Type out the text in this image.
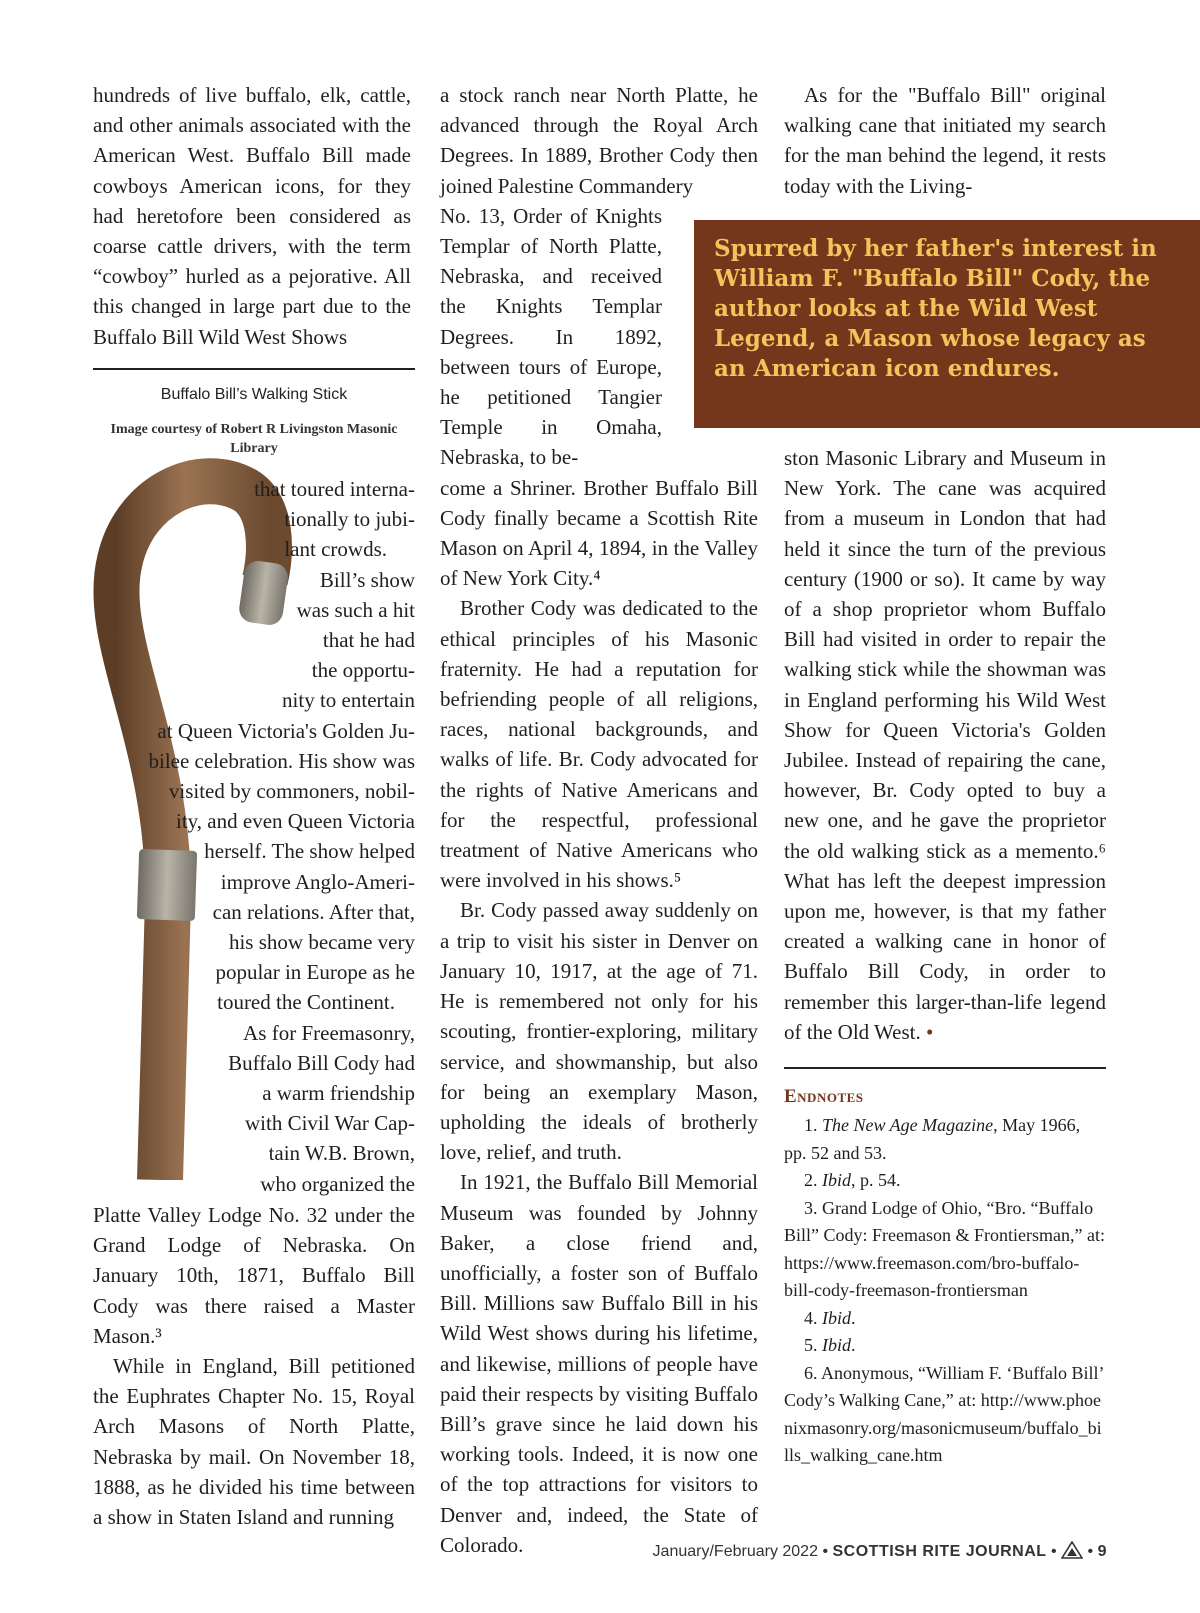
hundreds of live buffalo, elk, cattle, and other animals associated with the American West. Buffalo Bill made cowboys American icons, for they had heretofore been considered as coarse cattle drivers, with the term “cowboy” hurled as a pejorative. All this changed in large part due to the Buffalo Bill Wild West Shows

Buffalo Bill’s Walking Stick
Image courtesy of Robert R Livingston Masonic Library
that toured interna-
tionally to jubi-
lant crowds.
Bill’s show
was such a hit
that he had
the opportu-
nity to entertain
at Queen Victoria's Golden Ju-
bilee celebration. His show was
visited by commoners, nobil-
ity, and even Queen Victoria
herself. The show helped
improve Anglo-Ameri-
can relations. After that,
his show became very
popular in Europe as he
toured the Continent.
As for Freemasonry,
Buffalo Bill Cody had
a warm friendship
with Civil War Cap-
tain W.B. Brown,
who organized the

Platte Valley Lodge No. 32 under the Grand Lodge of Nebraska. On January 10th, 1871, Buffalo Bill Cody was there raised a Master Mason.³

While in England, Bill petitioned the Euphrates Chapter No. 15, Royal Arch Masons of North Platte, Nebraska by mail. On November 18, 1888, as he divided his time between a show in Staten Island and running

a stock ranch near North Platte, he advanced through the Royal Arch Degrees. In 1889, Brother Cody then joined Palestine Commandery

No. 13, Order of Knights Templar of North Platte, Nebraska, and received the Knights Templar Degrees. In 1892, between tours of Europe, he petitioned Tangier Temple in Omaha, Nebraska, to be-

come a Shriner. Brother Buffalo Bill Cody finally became a Scottish Rite Mason on April 4, 1894, in the Valley of New York City.⁴

Brother Cody was dedicated to the ethical principles of his Masonic fraternity. He had a reputation for befriending people of all religions, races, national backgrounds, and walks of life. Br. Cody advocated for the rights of Native Americans and for the respectful, professional treatment of Native Americans who were involved in his shows.⁵

Br. Cody passed away suddenly on a trip to visit his sister in Denver on January 10, 1917, at the age of 71. He is remembered not only for his scouting, frontier-exploring, military service, and showmanship, but also for being an exemplary Mason, upholding the ideals of brotherly love, relief, and truth.

In 1921, the Buffalo Bill Memorial Museum was founded by Johnny Baker, a close friend and, unofficially, a foster son of Buffalo Bill. Millions saw Buffalo Bill in his Wild West shows during his lifetime, and likewise, millions of people have paid their respects by visiting Buffalo Bill’s grave since he laid down his working tools. Indeed, it is now one of the top attractions for visitors to Denver and, indeed, the State of Colorado.

Spurred by her father's interest in William F. "Buffalo Bill" Cody, the author looks at the Wild West Legend, a Mason whose legacy as an American icon endures.

As for the "Buffalo Bill" original walking cane that initiated my search for the man behind the legend, it rests today with the Living-

ston Masonic Library and Museum in New York. The cane was acquired from a museum in London that had held it since the turn of the previous century (1900 or so). It came by way of a shop proprietor whom Buffalo Bill had visited in order to repair the walking stick while the showman was in England performing his Wild West Show for Queen Victoria's Golden Jubilee. Instead of repairing the cane, however, Br. Cody opted to buy a new one, and he gave the proprietor the old walking stick as a memento.⁶ What has left the deepest impression upon me, however, is that my father created a walking cane in honor of Buffalo Bill Cody, in order to remember this larger-than-life legend of the Old West. •

Endnotes

1. The New Age Magazine, May 1966, pp. 52 and 53.

2. Ibid, p. 54.

3. Grand Lodge of Ohio, “Bro. “Buffalo Bill” Cody: Freemason & Frontiersman,” at: https://www.freemason.com/bro-buffalo-bill-cody-freemason-frontiersman

4. Ibid.

5. Ibid.

6. Anonymous, “William F. ‘Buffalo Bill’ Cody’s Walking Cane,” at: http://www.phoenixmasonry.org/masonicmuseum/buffalo_bills_walking_cane.htm

January/February 2022 • SCOTTISH RITE JOURNAL • • 9
